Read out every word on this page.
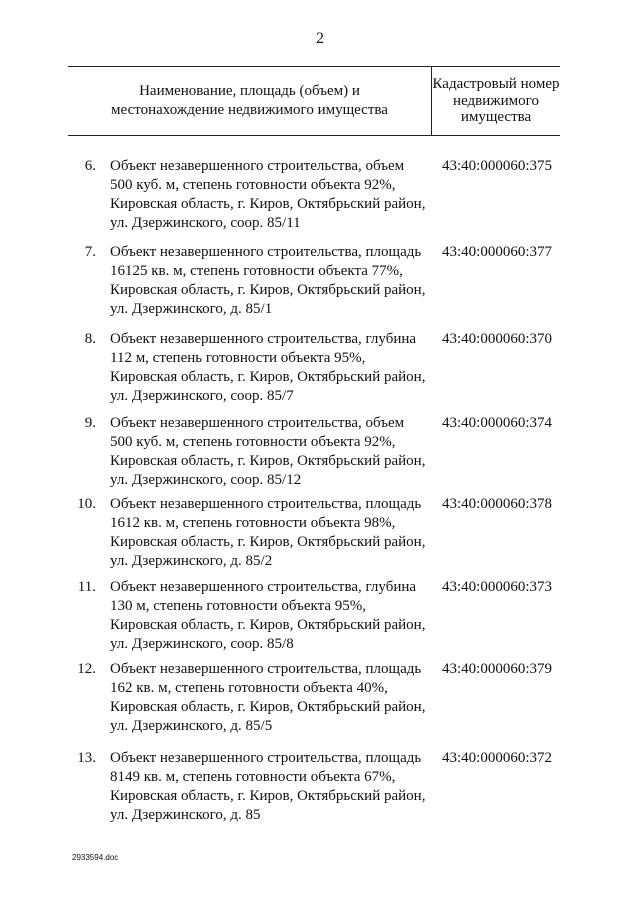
2
Наименование, площадь (объем) и местонахождение недвижимого имущества
Кадастровый номер недвижимого имущества
6. Объект незавершенного строительства, объем
500 куб. м, степень готовности объекта 92%,
Кировская область, г. Киров, Октябрьский район,
ул. Дзержинского, соор. 85/11
43:40:000060:375
7. Объект незавершенного строительства, площадь
16125 кв. м, степень готовности объекта 77%,
Кировская область, г. Киров, Октябрьский район,
ул. Дзержинского, д. 85/1
43:40:000060:377
8. Объект незавершенного строительства, глубина
112 м, степень готовности объекта 95%,
Кировская область, г. Киров, Октябрьский район,
ул. Дзержинского, соор. 85/7
43:40:000060:370
9. Объект незавершенного строительства, объем
500 куб. м, степень готовности объекта 92%,
Кировская область, г. Киров, Октябрьский район,
ул. Дзержинского, соор. 85/12
43:40:000060:374
10. Объект незавершенного строительства, площадь
1612 кв. м, степень готовности объекта 98%,
Кировская область, г. Киров, Октябрьский район,
ул. Дзержинского, д. 85/2
43:40:000060:378
11. Объект незавершенного строительства, глубина
130 м, степень готовности объекта 95%,
Кировская область, г. Киров, Октябрьский район,
ул. Дзержинского, соор. 85/8
43:40:000060:373
12. Объект незавершенного строительства, площадь
162 кв. м, степень готовности объекта 40%,
Кировская область, г. Киров, Октябрьский район,
ул. Дзержинского, д. 85/5
43:40:000060:379
13. Объект незавершенного строительства, площадь
8149 кв. м, степень готовности объекта 67%,
Кировская область, г. Киров, Октябрьский район,
ул. Дзержинского, д. 85
43:40:000060:372
2933594.doc
